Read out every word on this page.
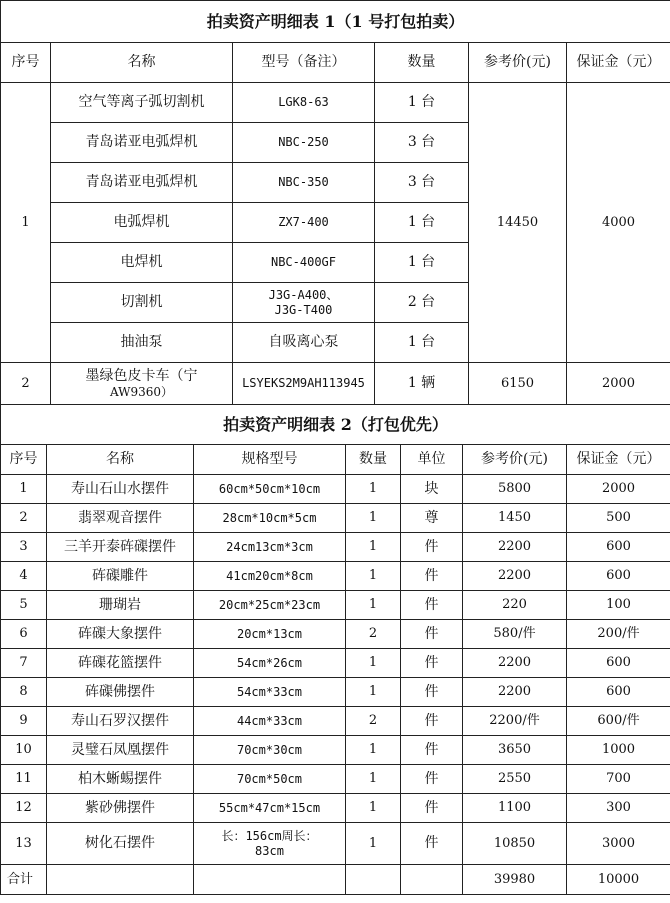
拍卖资产明细表 1（1 号打包拍卖）					
序号	名称	型号（备注）	数量	参考价(元)	保证金（元）
1	空气等离子弧切割机	LGK8-63	1 台	14450	4000
	青岛诺亚电弧焊机	NBC-250	3 台		
	青岛诺亚电弧焊机	NBC-350	3 台		
	电弧焊机	ZX7-400	1 台		
	电焊机	NBC-400GF	1 台		
	切割机	J3G-A400、
J3G-T400	2 台		
	抽油泵	自吸离心泵	1 台		
2	墨绿色皮卡车（宁
AW9360）	LSYEKS2M9AH113945	1 辆	6150	2000
拍卖资产明细表 2（打包优先）						
序号	名称	规格型号	数量	单位	参考价(元)	保证金（元）
1	寿山石山水摆件	60cm*50cm*10cm	1	块	5800	2000
2	翡翠观音摆件	28cm*10cm*5cm	1	尊	1450	500
3	三羊开泰砗磲摆件	24cm13cm*3cm	1	件	2200	600
4	砗磲雕件	41cm20cm*8cm	1	件	2200	600
5	珊瑚岩	20cm*25cm*23cm	1	件	220	100
6	砗磲大象摆件	20cm*13cm	2	件	580/件	200/件
7	砗磲花篮摆件	54cm*26cm	1	件	2200	600
8	砗磲佛摆件	54cm*33cm	1	件	2200	600
9	寿山石罗汉摆件	44cm*33cm	2	件	2200/件	600/件
10	灵璧石凤凰摆件	70cm*30cm	1	件	3650	1000
11	柏木蜥蜴摆件	70cm*50cm	1	件	2550	700
12	紫砂佛摆件	55cm*47cm*15cm	1	件	1100	300
13	树化石摆件	长：156cm周长：
83cm	1	件	10850	3000
合计					39980	10000
